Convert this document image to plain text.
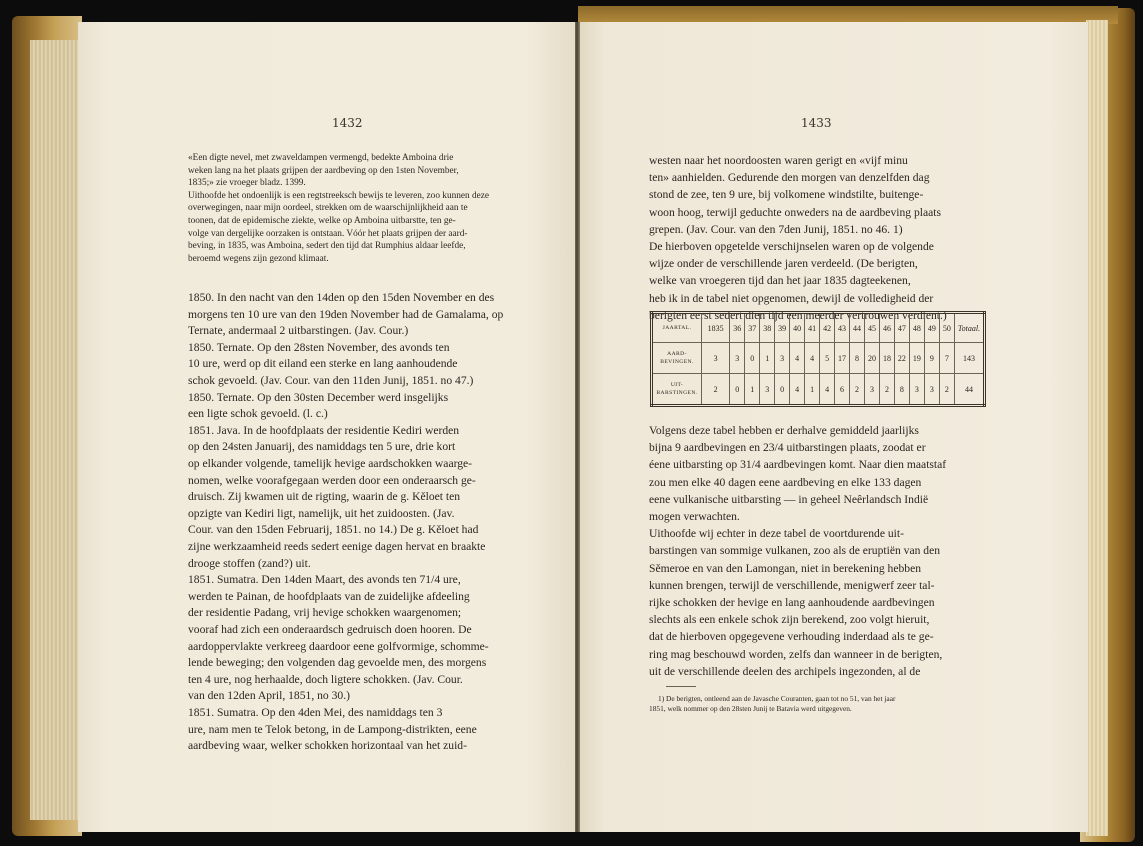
1432

«Een digte nevel, met zwaveldampen vermengd, bedekte Amboina drie

weken lang na het plaats grijpen der aardbeving op den 1sten November,

1835;» zie vroeger bladz. 1399.

Uithoofde het ondoenlijk is een regtstreeksch bewijs te leveren, zoo kunnen deze

overwegingen, naar mijn oordeel, strekken om de waarschijnlijkheid aan te

toonen, dat de epidemische ziekte, welke op Amboina uitbarstte, ten ge-

volge van dergelijke oorzaken is ontstaan. Vóór het plaats grijpen der aard-

beving, in 1835, was Amboina, sedert den tijd dat Rumphius aldaar leefde,

beroemd wegens zijn gezond klimaat.

1850. In den nacht van den 14den op den 15den November en des

morgens ten 10 ure van den 19den November had de Gamalama, op

Ternate, andermaal 2 uitbarstingen. (Jav. Cour.)

1850. Ternate. Op den 28sten November, des avonds ten

10 ure, werd op dit eiland een sterke en lang aanhoudende

schok gevoeld. (Jav. Cour. van den 11den Junij, 1851. no 47.)

1850. Ternate. Op den 30sten December werd insgelijks

een ligte schok gevoeld. (l. c.)

1851. Java. In de hoofdplaats der residentie Kediri werden

op den 24sten Januarij, des namiddags ten 5 ure, drie kort

op elkander volgende, tamelijk hevige aardschokken waarge-

nomen, welke voorafgegaan werden door een onderaarsch ge-

druisch. Zij kwamen uit de rigting, waarin de g. Kěloet ten

opzigte van Kediri ligt, namelijk, uit het zuidoosten. (Jav.

Cour. van den 15den Februarij, 1851. no 14.) De g. Kěloet had

zijne werkzaamheid reeds sedert eenige dagen hervat en braakte

drooge stoffen (zand?) uit.

1851. Sumatra. Den 14den Maart, des avonds ten 71/4 ure,

werden te Painan, de hoofdplaats van de zuidelijke afdeeling

der residentie Padang, vrij hevige schokken waargenomen;

vooraf had zich een onderaardsch gedruisch doen hooren. De

aardoppervlakte verkreeg daardoor eene golfvormige, schomme-

lende beweging; den volgenden dag gevoelde men, des morgens

ten 4 ure, nog herhaalde, doch ligtere schokken. (Jav. Cour.

van den 12den April, 1851, no 30.)

1851. Sumatra. Op den 4den Mei, des namiddags ten 3

ure, nam men te Telok betong, in de Lampong-distrikten, eene

aardbeving waar, welker schokken horizontaal van het zuid-

1433

westen naar het noordoosten waren gerigt en «vijf minu

ten» aanhielden. Gedurende den morgen van denzelfden dag

stond de zee, ten 9 ure, bij volkomene windstilte, buitenge-

woon hoog, terwijl geduchte onweders na de aardbeving plaats

grepen. (Jav. Cour. van den 7den Junij, 1851. no 46. 1)

De hierboven opgetelde verschijnselen waren op de volgende

wijze onder de verschillende jaren verdeeld. (De berigten,

welke van vroegeren tijd dan het jaar 1835 dagteekenen,

heb ik in de tabel niet opgenomen, dewijl de volledigheid der

berigten eerst sedert dien tijd een meerder vertrouwen verdient.)

JAARTAL.	1835	36	37	38	39	40	41	42	43	44	45	46	47	48	49	50	Totaal.
AARD-
BEVINGEN.	3	3	0	1	3	4	4	5	17	8	20	18	22	19	9	7	143
UIT-
BARSTINGEN.	2	0	1	3	0	4	1	4	6	2	3	2	8	3	3	2	44

Volgens deze tabel hebben er derhalve gemiddeld jaarlijks

bijna 9 aardbevingen en 23/4 uitbarstingen plaats, zoodat er

éene uitbarsting op 31/4 aardbevingen komt. Naar dien maatstaf

zou men elke 40 dagen eene aardbeving en elke 133 dagen

eene vulkanische uitbarsting — in geheel Neêrlandsch Indië

mogen verwachten.

Uithoofde wij echter in deze tabel de voortdurende uit-

barstingen van sommige vulkanen, zoo als de eruptiën van den

Sěmeroe en van den Lamongan, niet in berekening hebben

kunnen brengen, terwijl de verschillende, menigwerf zeer tal-

rijke schokken der hevige en lang aanhoudende aardbevingen

slechts als een enkele schok zijn berekend, zoo volgt hieruit,

dat de hierboven opgegevene verhouding inderdaad als te ge-

ring mag beschouwd worden, zelfs dan wanneer in de berigten,

uit de verschillende deelen des archipels ingezonden, al de

1) De berigten, ontleend aan de Javasche Couranten, gaan tot no 51, van het jaar

1851, welk nommer op den 28sten Junij te Batavia werd uitgegeven.
